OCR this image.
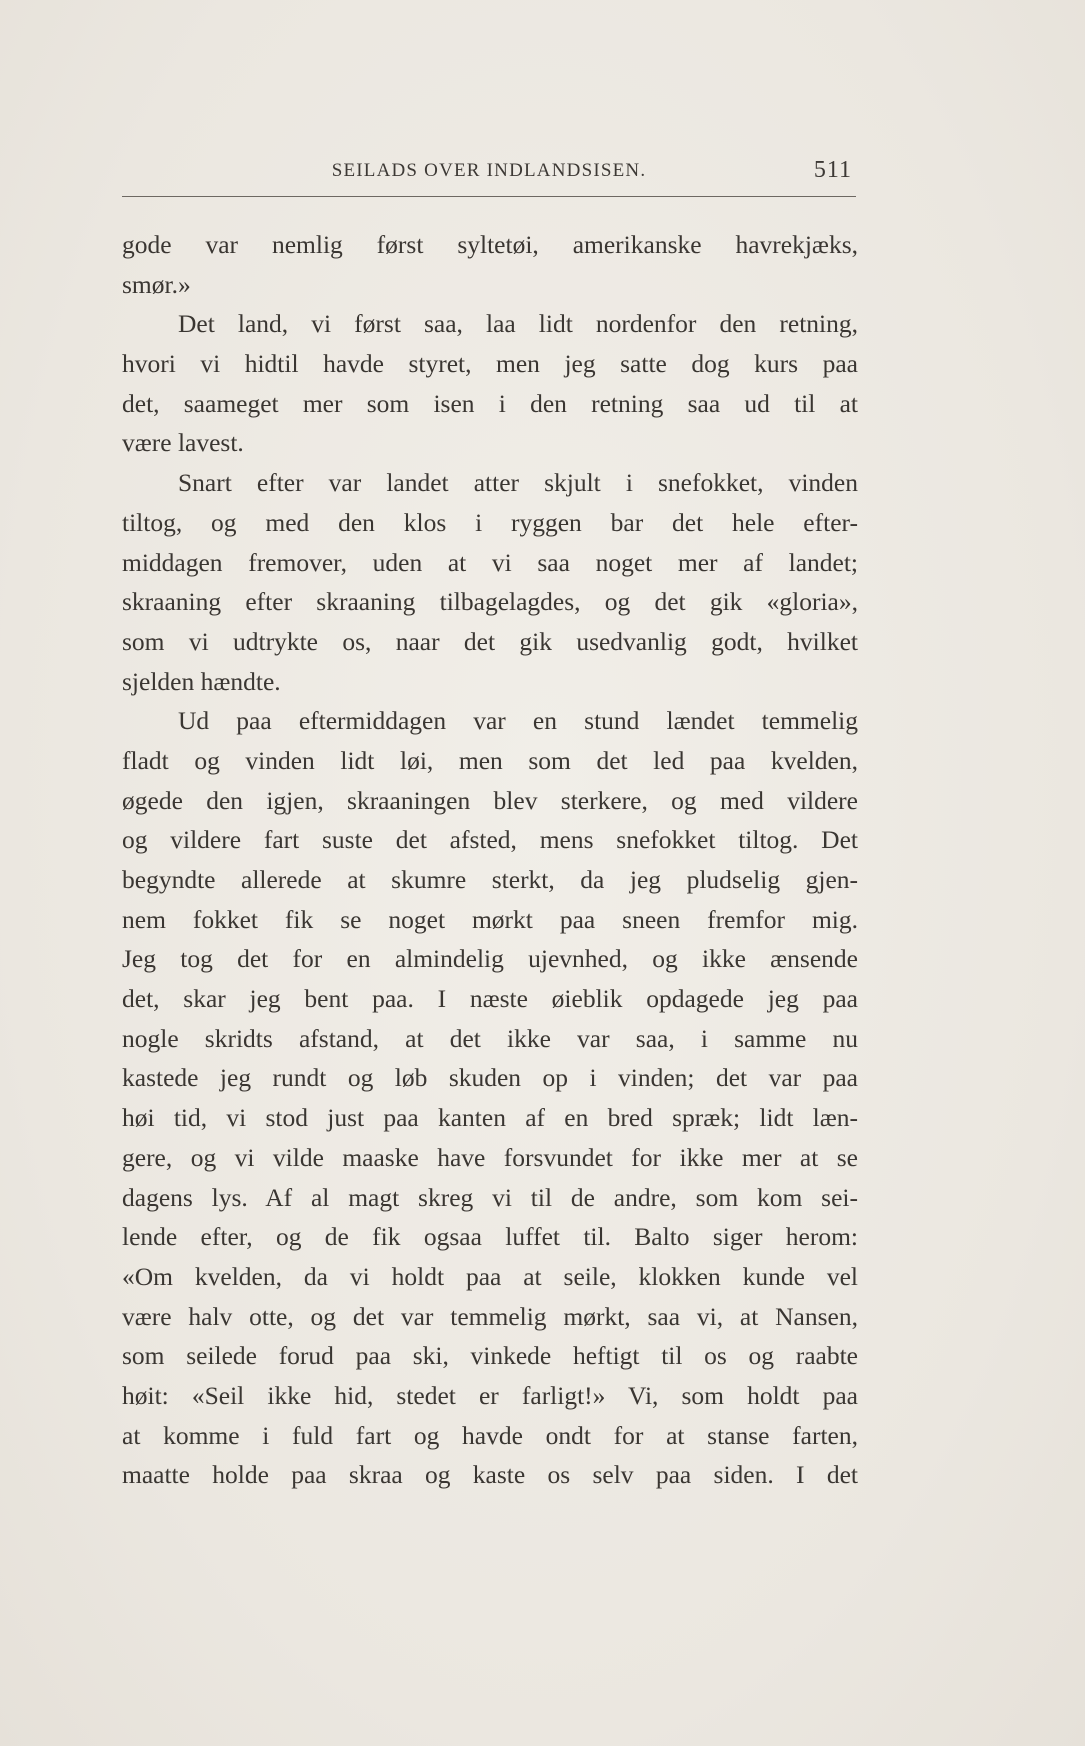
SEILADS OVER INDLANDSISEN.	511
gode var nemlig først syltetøi, amerikanske havrekjæks,
smør.»
Det land, vi først saa, laa lidt nordenfor den retning,
hvori vi hidtil havde styret, men jeg satte dog kurs paa
det, saameget mer som isen i den retning saa ud til at
være lavest.
Snart efter var landet atter skjult i snefokket, vinden
tiltog, og med den klos i ryggen bar det hele efter-
middagen fremover, uden at vi saa noget mer af landet;
skraaning efter skraaning tilbagelagdes, og det gik «gloria»,
som vi udtrykte os, naar det gik usedvanlig godt, hvilket
sjelden hændte.
Ud paa eftermiddagen var en stund lændet temmelig
fladt og vinden lidt løi, men som det led paa kvelden,
øgede den igjen, skraaningen blev sterkere, og med vildere
og vildere fart suste det afsted, mens snefokket tiltog. Det
begyndte allerede at skumre sterkt, da jeg pludselig gjen-
nem fokket fik se noget mørkt paa sneen fremfor mig.
Jeg tog det for en almindelig ujevnhed, og ikke ænsende
det, skar jeg bent paa. I næste øieblik opdagede jeg paa
nogle skridts afstand, at det ikke var saa, i samme nu
kastede jeg rundt og løb skuden op i vinden; det var paa
høi tid, vi stod just paa kanten af en bred spræk; lidt læn-
gere, og vi vilde maaske have forsvundet for ikke mer at se
dagens lys. Af al magt skreg vi til de andre, som kom sei-
lende efter, og de fik ogsaa luffet til. Balto siger herom:
«Om kvelden, da vi holdt paa at seile, klokken kunde vel
være halv otte, og det var temmelig mørkt, saa vi, at Nansen,
som seilede forud paa ski, vinkede heftigt til os og raabte
høit: «Seil ikke hid, stedet er farligt!» Vi, som holdt paa
at komme i fuld fart og havde ondt for at stanse farten,
maatte holde paa skraa og kaste os selv paa siden. I det
